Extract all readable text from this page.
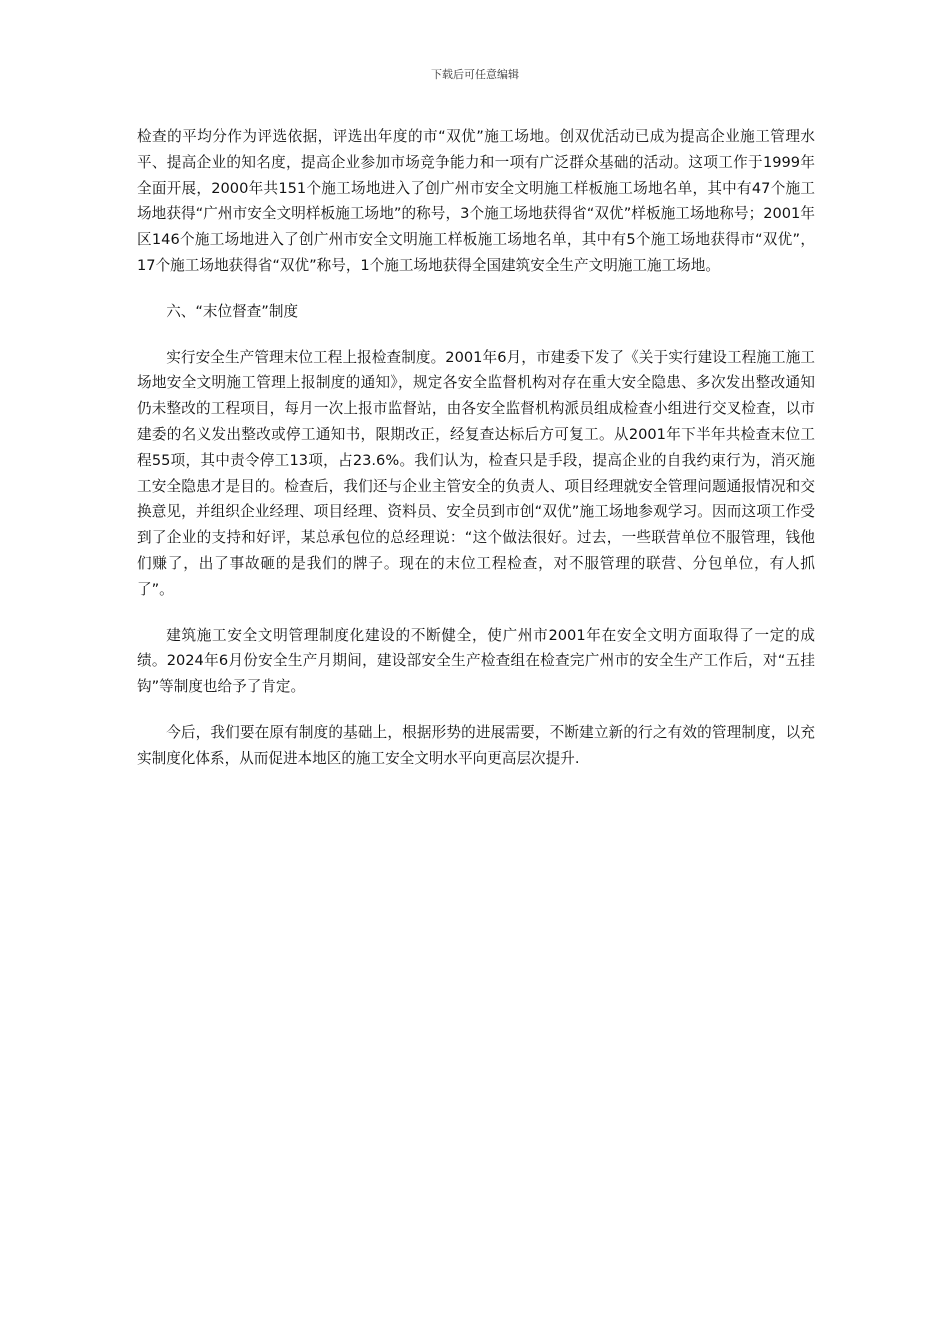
下载后可任意编辑

检查的平均分作为评选依据，评选出年度的市“双优”施工场地。创双优活动已成为提高企业施工管理水平、提高企业的知名度，提高企业参加市场竞争能力和一项有广泛群众基础的活动。这项工作于1999年全面开展，2000年共151个施工场地进入了创广州市安全文明施工样板施工场地名单，其中有47个施工场地获得“广州市安全文明样板施工场地”的称号，3个施工场地获得省“双优”样板施工场地称号；2001年区146个施工场地进入了创广州市安全文明施工样板施工场地名单，其中有5个施工场地获得市“双优”，17个施工场地获得省“双优”称号，1个施工场地获得全国建筑安全生产文明施工施工场地。

六、“末位督查”制度

实行安全生产管理末位工程上报检查制度。2001年6月，市建委下发了《关于实行建设工程施工施工场地安全文明施工管理上报制度的通知》，规定各安全监督机构对存在重大安全隐患、多次发出整改通知仍未整改的工程项目，每月一次上报市监督站，由各安全监督机构派员组成检查小组进行交叉检查，以市建委的名义发出整改或停工通知书，限期改正，经复查达标后方可复工。从2001年下半年共检查末位工程55项，其中责令停工13项，占23.6%。我们认为，检查只是手段，提高企业的自我约束行为，消灭施工安全隐患才是目的。检查后，我们还与企业主管安全的负责人、项目经理就安全管理问题通报情况和交换意见，并组织企业经理、项目经理、资料员、安全员到市创“双优”施工场地参观学习。因而这项工作受到了企业的支持和好评，某总承包位的总经理说：“这个做法很好。过去，一些联营单位不服管理，钱他们赚了，出了事故砸的是我们的牌子。现在的末位工程检查，对不服管理的联营、分包单位，有人抓了”。

建筑施工安全文明管理制度化建设的不断健全，使广州市2001年在安全文明方面取得了一定的成绩。2024年6月份安全生产月期间，建设部安全生产检查组在检查完广州市的安全生产工作后，对“五挂钩”等制度也给予了肯定。

今后，我们要在原有制度的基础上，根据形势的进展需要，不断建立新的行之有效的管理制度，以充实制度化体系，从而促进本地区的施工安全文明水平向更高层次提升.
